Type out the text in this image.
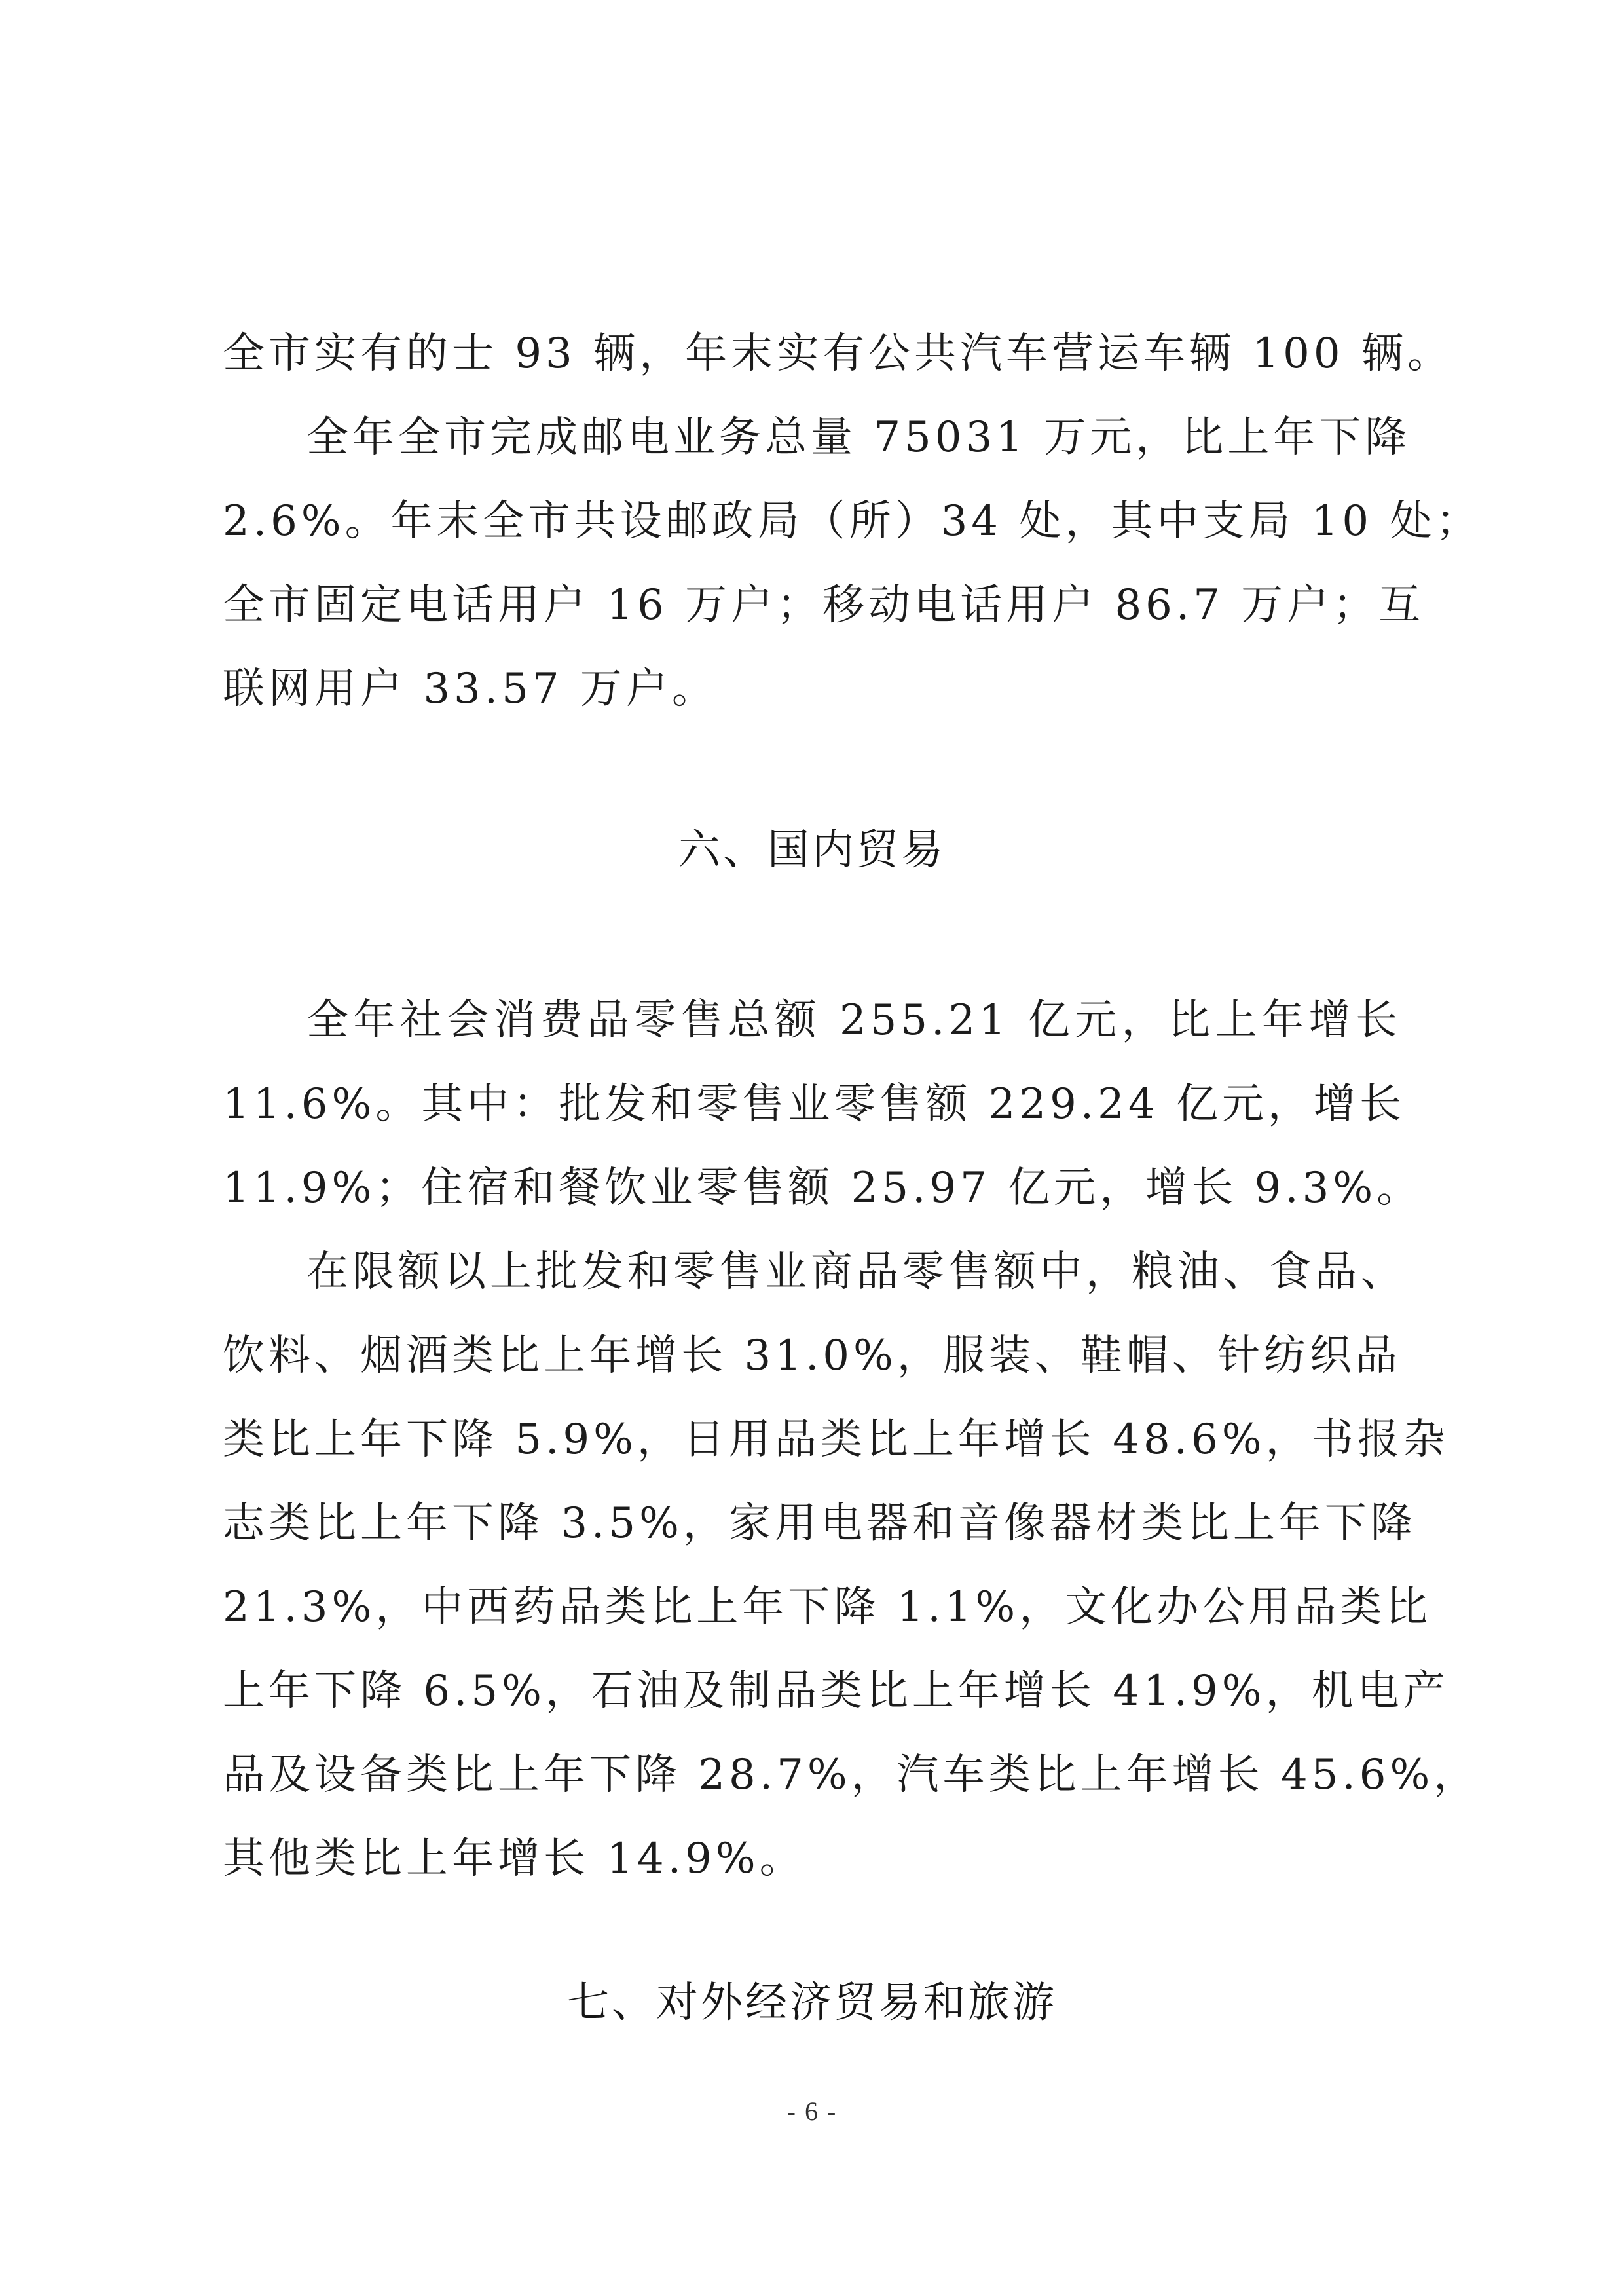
全市实有的士 93 辆，年末实有公共汽车营运车辆 100 辆。
全年全市完成邮电业务总量 75031 万元，比上年下降
2.6%。年末全市共设邮政局（所）34 处，其中支局 10 处；
全市固定电话用户 16 万户；移动电话用户 86.7 万户；互
联网用户 33.57 万户。
六、国内贸易
全年社会消费品零售总额 255.21 亿元，比上年增长
11.6%。其中：批发和零售业零售额 229.24 亿元，增长
11.9%；住宿和餐饮业零售额 25.97 亿元，增长 9.3%。
在限额以上批发和零售业商品零售额中，粮油、食品、
饮料、烟酒类比上年增长 31.0%，服装、鞋帽、针纺织品
类比上年下降 5.9%，日用品类比上年增长 48.6%，书报杂
志类比上年下降 3.5%，家用电器和音像器材类比上年下降
21.3%，中西药品类比上年下降 1.1%，文化办公用品类比
上年下降 6.5%，石油及制品类比上年增长 41.9%，机电产
品及设备类比上年下降 28.7%，汽车类比上年增长 45.6%，
其他类比上年增长 14.9%。
七、对外经济贸易和旅游
- 6 -
